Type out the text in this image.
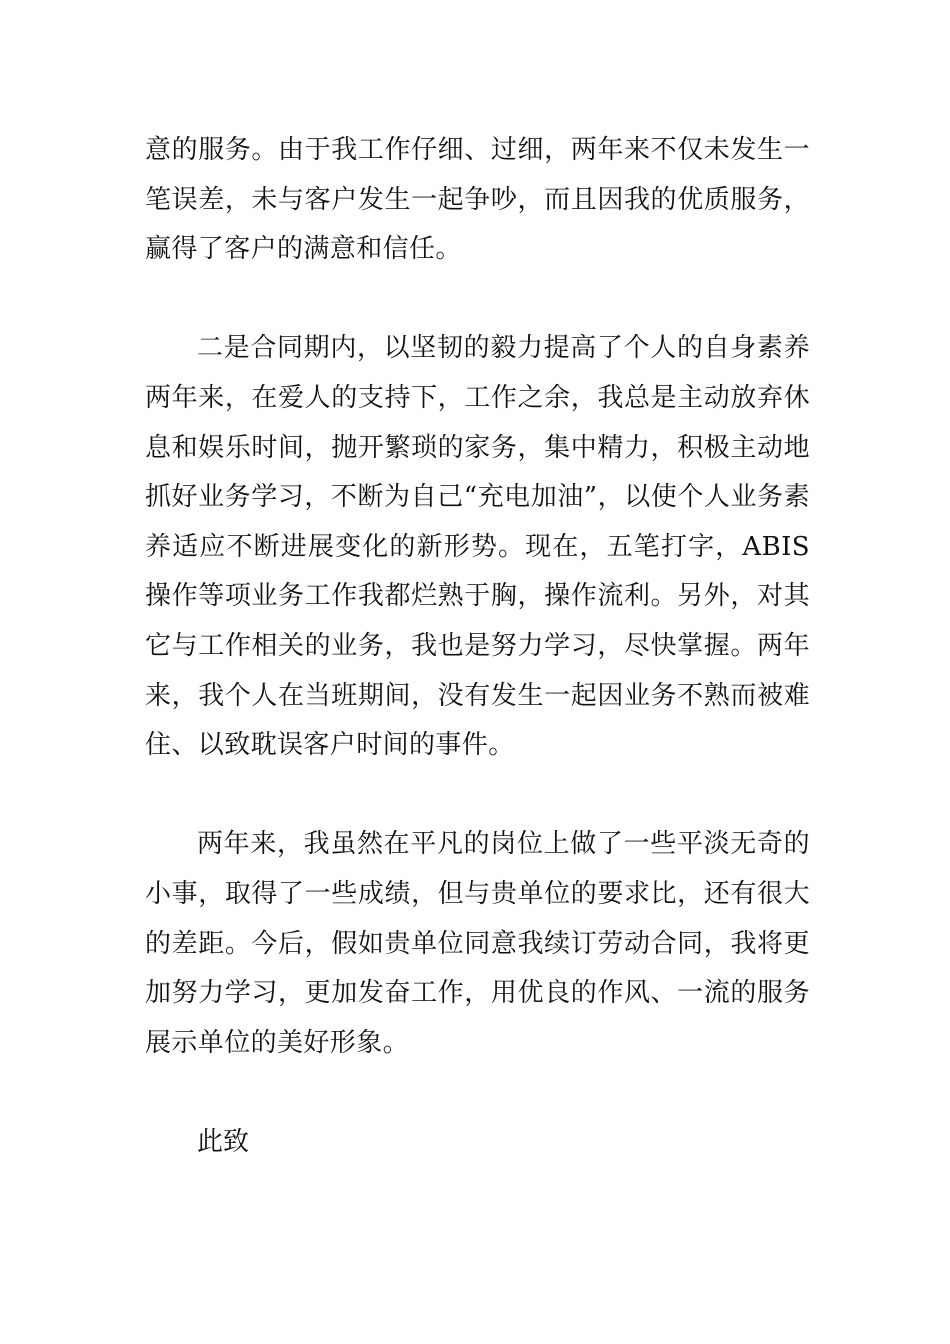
意的服务。由于我工作仔细、过细，两年来不仅未发生一笔误差，未与客户发生一起争吵，而且因我的优质服务，赢得了客户的满意和信任。

二是合同期内，以坚韧的毅力提高了个人的自身素养两年来，在爱人的支持下，工作之余，我总是主动放弃休息和娱乐时间，抛开繁琐的家务，集中精力，积极主动地抓好业务学习，不断为自己“充电加油”，以使个人业务素养适应不断进展变化的新形势。现在，五笔打字，ABIS操作等项业务工作我都烂熟于胸，操作流利。另外，对其它与工作相关的业务，我也是努力学习，尽快掌握。两年来，我个人在当班期间，没有发生一起因业务不熟而被难住、以致耽误客户时间的事件。

两年来，我虽然在平凡的岗位上做了一些平淡无奇的小事，取得了一些成绩，但与贵单位的要求比，还有很大的差距。今后，假如贵单位同意我续订劳动合同，我将更加努力学习，更加发奋工作，用优良的作风、一流的服务展示单位的美好形象。

此致
